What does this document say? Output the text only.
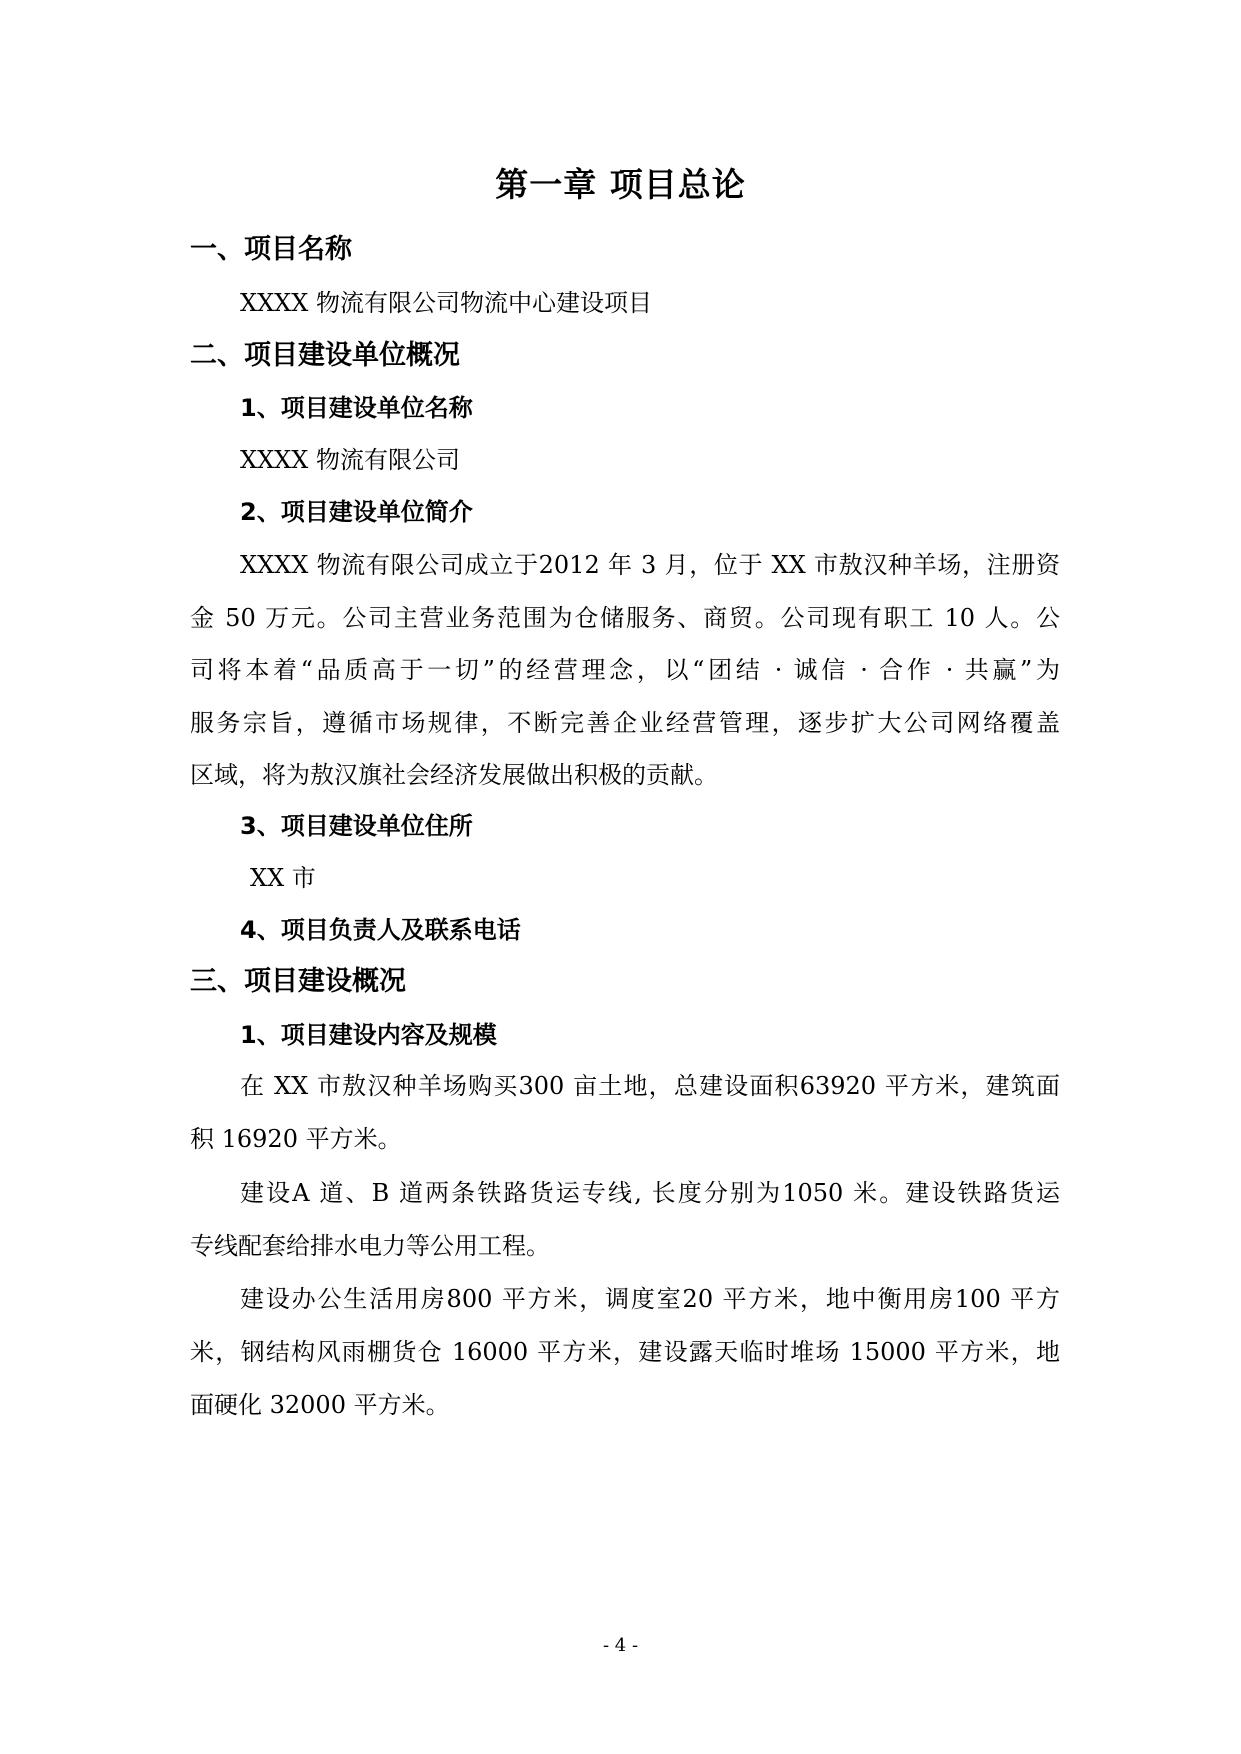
第一章 项目总论
一、项目名称
XXXX 物流有限公司物流中心建设项目
二、项目建设单位概况
1、项目建设单位名称
XXXX 物流有限公司
2、项目建设单位简介
XXXX 物流有限公司成立于2012 年 3 月，位于 XX 市敖汉种羊场，注册资
金 50 万元。公司主营业务范围为仓储服务、商贸。公司现有职工 10 人。公
司将本着“品质高于一切”的经营理念，以“团结 · 诚信 · 合作 · 共赢”为
服务宗旨，遵循市场规律，不断完善企业经营管理，逐步扩大公司网络覆盖
区域，将为敖汉旗社会经济发展做出积极的贡献。
3、项目建设单位住所
XX 市
4、项目负责人及联系电话
三、项目建设概况
1、项目建设内容及规模
在 XX 市敖汉种羊场购买300 亩土地，总建设面积63920 平方米，建筑面
积 16920 平方米。
建设A 道、B 道两条铁路货运专线, 长度分别为1050 米。建设铁路货运
专线配套给排水电力等公用工程。
建设办公生活用房800 平方米，调度室20 平方米，地中衡用房100 平方
米，钢结构风雨棚货仓 16000 平方米，建设露天临时堆场 15000 平方米，地
面硬化 32000 平方米。
- 4 -
